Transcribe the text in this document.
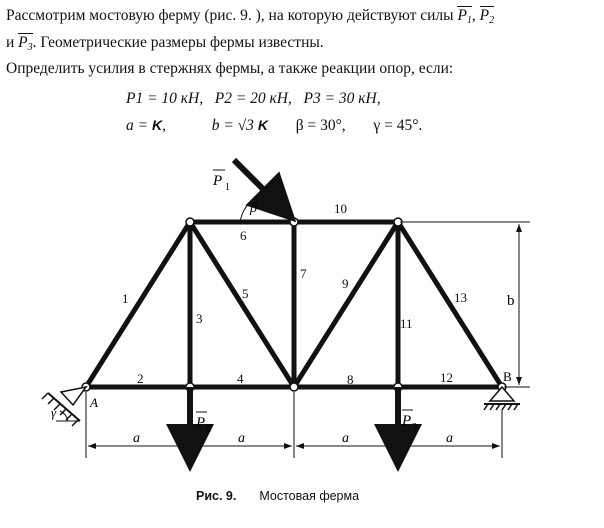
Рассмотрим мостовую ферму (рис. 9. ), на которую действуют силы $P_1$, $P_2$
и $P_3$. Геометрические размеры фермы известны.
Определить усилия в стержнях фермы, а также реакции опор, если:
P1 = 10 кН, P2 = 20 кН, P3 = 30 кН,
a = K,	b = √3 K β = 30°, γ = 45°.
1
2
3
4
5
6
7
8
9
10
11
12
13
A
B
b
a	a	a	a
β
γ
P 1
P 2
P 3
Рис. 9. Мостовая ферма
